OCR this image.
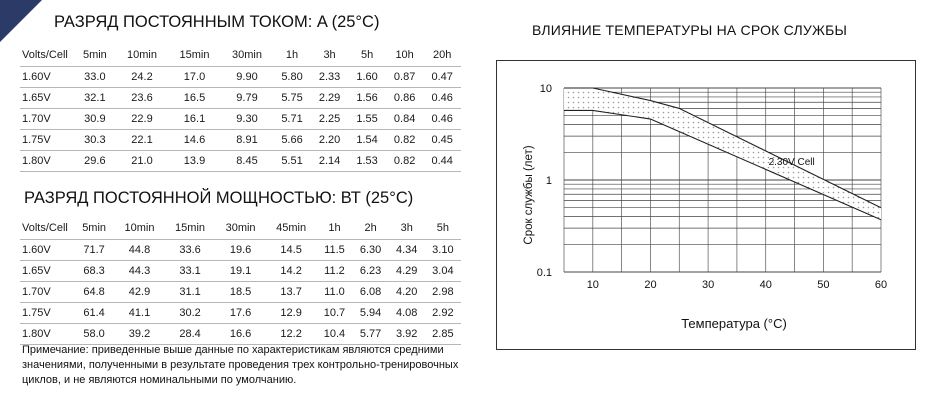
РАЗРЯД ПОСТОЯННЫМ ТОКОМ: A (25°C)
Volts/Cell	5min	10min	15min	30min	1h	3h	5h	10h	20h
1.60V	33.0	24.2	17.0	9.90	5.80	2.33	1.60	0.87	0.47
1.65V	32.1	23.6	16.5	9.79	5.75	2.29	1.56	0.86	0.46
1.70V	30.9	22.9	16.1	9.30	5.71	2.25	1.55	0.84	0.46
1.75V	30.3	22.1	14.6	8.91	5.66	2.20	1.54	0.82	0.45
1.80V	29.6	21.0	13.9	8.45	5.51	2.14	1.53	0.82	0.44
РАЗРЯД ПОСТОЯННОЙ МОЩНОСТЬЮ: ВТ (25°C)
Volts/Cell	5min	10min	15min	30min	45min	1h	2h	3h	5h
1.60V	71.7	44.8	33.6	19.6	14.5	11.5	6.30	4.34	3.10
1.65V	68.3	44.3	33.1	19.1	14.2	11.2	6.23	4.29	3.04
1.70V	64.8	42.9	31.1	18.5	13.7	11.0	6.08	4.20	2.98
1.75V	61.4	41.1	30.2	17.6	12.9	10.7	5.94	4.08	2.92
1.80V	58.0	39.2	28.4	16.6	12.2	10.4	5.77	3.92	2.85
Примечание: приведенные выше данные по характеристикам являются средними значениями, полученными в результате проведения трех контрольно-тренировочных циклов, и не являются номинальными по умолчанию.
ВЛИЯНИЕ ТЕМПЕРАТУРЫ НА СРОК СЛУЖБЫ
10
1
0.1
10	20	30	40	50	60
Срок службы (лет)
Температура (°C)
2.30V Cell
